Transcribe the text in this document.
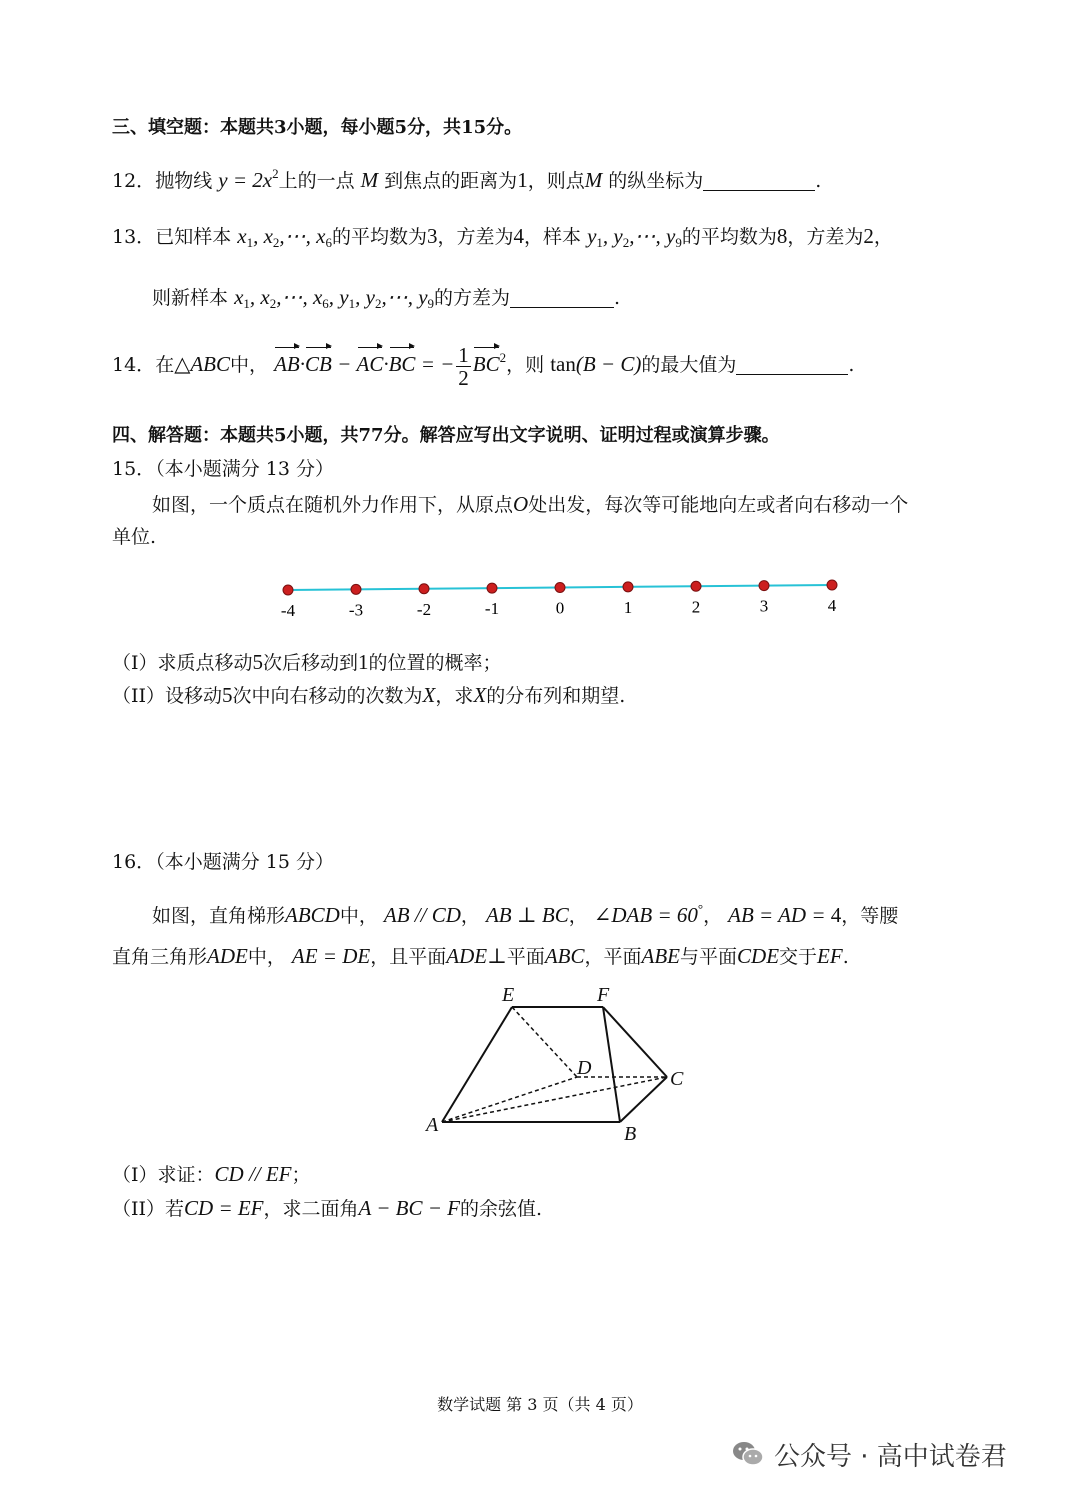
三、填空题：本题共3小题，每小题5分，共15分。
12．抛物线 $y = 2x^2$上的一点 M 到焦点的距离为1，则点M 的纵坐标为	.
13．已知样本 $x_1$, $x_2,\cdots$, $x_6$的平均数为3，方差为4，样本 $y_1$, $y_2,\cdots$, $y_9$的平均数为8，方差为2，
则新样本 $x_1$, $x_2,\cdots$, $x_6$, $y_1$, $y_2,\cdots$, $y_9$的方差为	.
14．在△ABC中， AB·CB − AC·BC = − $\frac{1}{2} BC^2$，则 tan(B − C)的最大值为	.
四、解答题：本题共5小题，共77分。解答应写出文字说明、证明过程或演算步骤。
15．（本小题满分 13 分）
如图，一个质点在随机外力作用下，从原点O处出发，每次等可能地向左或者向右移动一个
单位.
-4	-3	-2	-1	0	1	2	3	4
（I）求质点移动5次后移动到1的位置的概率；
（II）设移动5次中向右移动的次数为X，求X的分布列和期望.
16．（本小题满分 15 分）
如图，直角梯形ABCD中， AB // CD， AB ⊥ BC， ∠DAB = 60°， AB = AD = 4，等腰
直角三角形ADE中， AE = DE，且平面ADE⊥平面ABC，平面ABE与平面CDE交于EF.
E	F
D	C
A	B
（I）求证：CD // EF；
（II）若CD = EF，求二面角A − BC − F的余弦值.
数学试题 第 3 页（共 4 页）
公众号 · 高中试卷君
